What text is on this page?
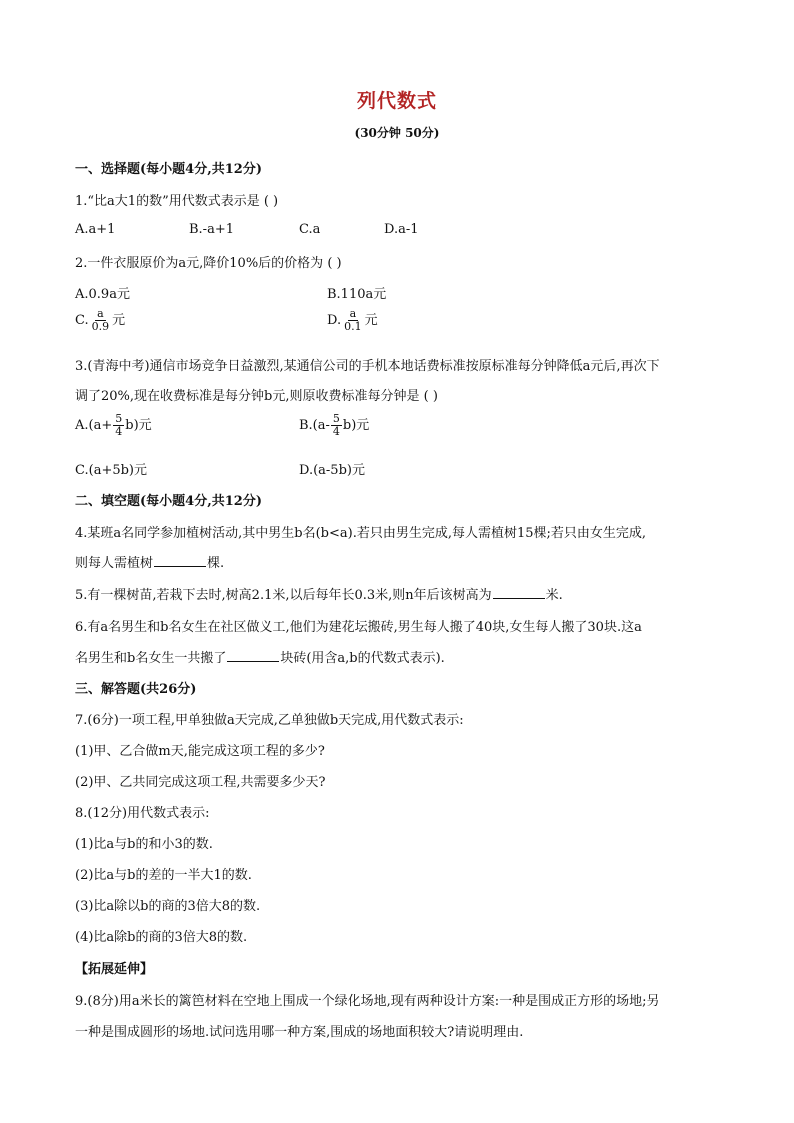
列代数式
(30分钟 50分)
一、选择题(每小题4分,共12分)
1.“比a大1的数”用代数式表示是 ( )
A.a+1	B.-a+1	C.a	D.a-1
2.一件衣服原价为a元,降价10%后的价格为 ( )
A.0.9a元	B.110a元
C. $\frac{a}{0.9}$ 元	D. $\frac{a}{0.1}$ 元
3.(青海中考)通信市场竞争日益激烈,某通信公司的手机本地话费标准按原标准每分钟降低a元后,再次下
调了20%,现在收费标准是每分钟b元,则原收费标准每分钟是 ( )
$A.(a+ \frac{5}{4} b)$元	$B.(a- \frac{5}{4} b)$元
C.(a+5b)元	D.(a-5b)元
二、填空题(每小题4分,共12分)
4.某班a名同学参加植树活动,其中男生b名(b<a).若只由男生完成,每人需植树15棵;若只由女生完成,
则每人需植树	棵.
5.有一棵树苗,若栽下去时,树高2.1米,以后每年长0.3米,则n年后该树高为	米.
6.有a名男生和b名女生在社区做义工,他们为建花坛搬砖,男生每人搬了40块,女生每人搬了30块.这a
名男生和b名女生一共搬了	块砖(用含a,b的代数式表示).
三、解答题(共26分)
7.(6分)一项工程,甲单独做a天完成,乙单独做b天完成,用代数式表示:
(1)甲、乙合做m天,能完成这项工程的多少?
(2)甲、乙共同完成这项工程,共需要多少天?
8.(12分)用代数式表示:
(1)比a与b的和小3的数.
(2)比a与b的差的一半大1的数.
(3)比a除以b的商的3倍大8的数.
(4)比a除b的商的3倍大8的数.
【拓展延伸】
9.(8分)用a米长的篱笆材料在空地上围成一个绿化场地,现有两种设计方案:一种是围成正方形的场地;另
一种是围成圆形的场地.试问选用哪一种方案,围成的场地面积较大?请说明理由.
